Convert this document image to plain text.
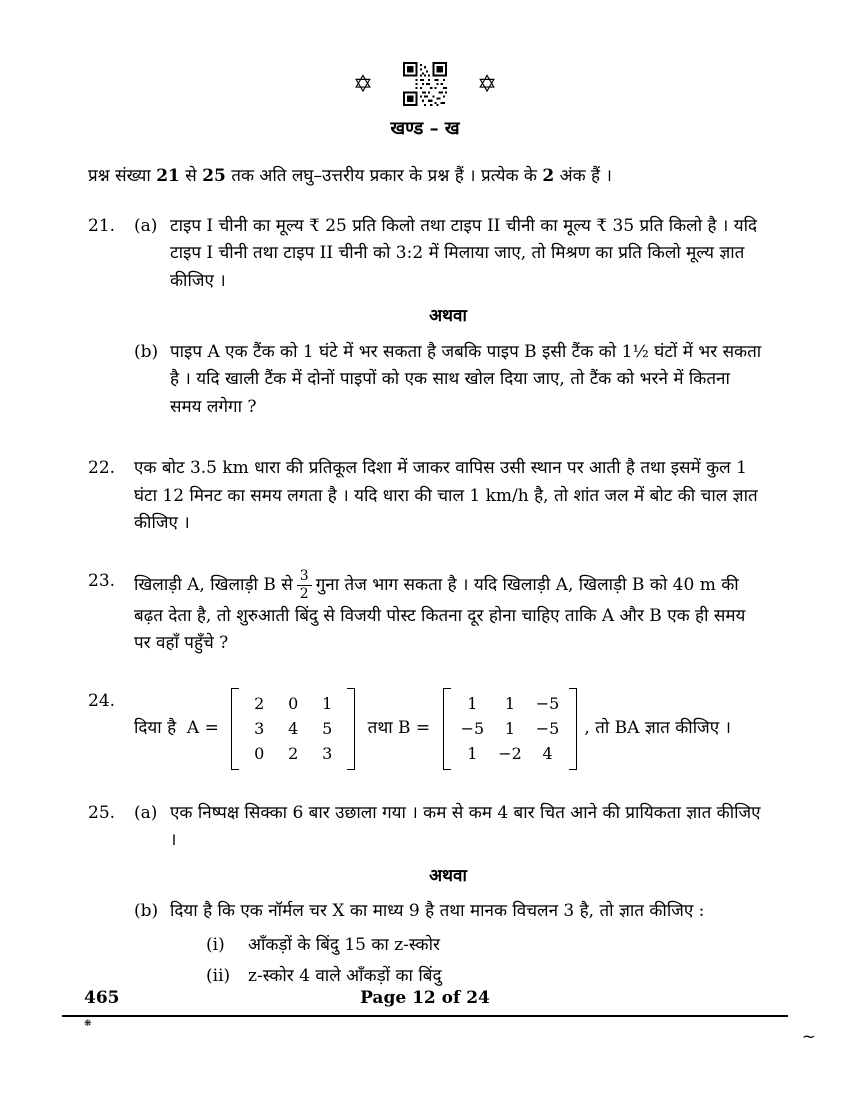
✡	✡
खण्ड – ख

प्रश्न संख्या 21 से 25 तक अति लघु–उत्तरीय प्रकार के प्रश्न हैं । प्रत्येक के 2 अंक हैं ।

21.	(a) टाइप I चीनी का मूल्य ₹ 25 प्रति किलो तथा टाइप II चीनी का मूल्य ₹ 35 प्रति किलो है । यदि टाइप I चीनी तथा टाइप II चीनी को 3:2 में मिलाया जाए, तो मिश्रण का प्रति किलो मूल्य ज्ञात कीजिए ।
अथवा
(b) पाइप A एक टैंक को 1 घंटे में भर सकता है जबकि पाइप B इसी टैंक को 1½ घंटों में भर सकता है । यदि खाली टैंक में दोनों पाइपों को एक साथ खोल दिया जाए, तो टैंक को भरने में कितना समय लगेगा ?
22.	एक बोट 3.5 km धारा की प्रतिकूल दिशा में जाकर वापिस उसी स्थान पर आती है तथा इसमें कुल 1 घंटा 12 मिनट का समय लगता है । यदि धारा की चाल 1 km/h है, तो शांत जल में बोट की चाल ज्ञात कीजिए ।
23.	खिलाड़ी A, खिलाड़ी B से $\frac{3}{2}$ गुना तेज भाग सकता है । यदि खिलाड़ी A, खिलाड़ी B को 40 m की बढ़त देता है, तो शुरुआती बिंदु से विजयी पोस्ट कितना दूर होना चाहिए ताकि A और B एक ही समय पर वहाँ पहुँचे ?
24.
दिया है  A =
2	0	1
3	4	5
0	2	3
तथा B =
1	1	−5
−5	1	−5
1	−2	4
, तो BA ज्ञात कीजिए ।
25.	(a) एक निष्पक्ष सिक्का 6 बार उछाला गया । कम से कम 4 बार चित आने की प्रायिकता ज्ञात कीजिए ।
अथवा
(b) दिया है कि एक नॉर्मल चर X का माध्य 9 है तथा मानक विचलन 3 है, तो ज्ञात कीजिए :
(i)	आँकड़ों के बिंदु 15 का z-स्कोर
(ii)	z-स्कोर 4 वाले आँकड़ों का बिंदु
465	Page 12 of 24
❋
~
